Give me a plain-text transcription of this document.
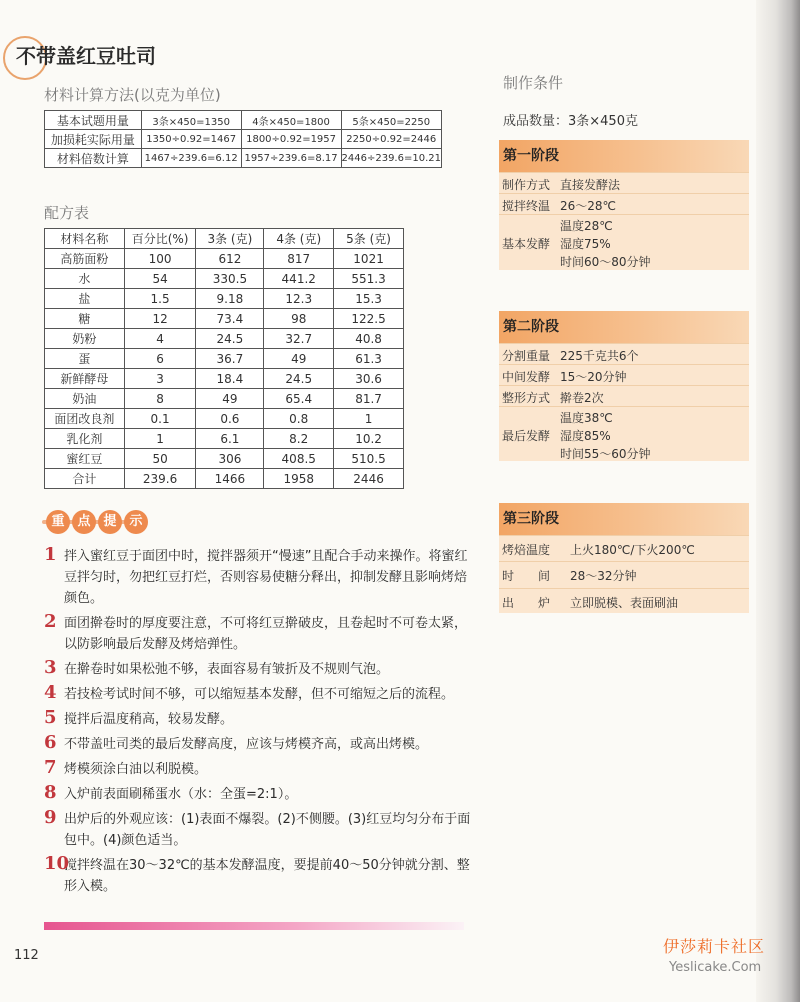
不带盖红豆吐司
材料计算方法(以克为单位)
基本试题用量	3条×450=1350	4条×450=1800	5条×450=2250
加损耗实际用量	1350÷0.92=1467	1800÷0.92=1957	2250÷0.92=2446
材料倍数计算	1467÷239.6=6.12	1957÷239.6=8.17	2446÷239.6=10.21
配方表
材料名称	百分比(%)	3条 (克)	4条 (克)	5条 (克)
高筋面粉	100	612	817	1021
水	54	330.5	441.2	551.3
盐	1.5	9.18	12.3	15.3
糖	12	73.4	98	122.5
奶粉	4	24.5	32.7	40.8
蛋	6	36.7	49	61.3
新鲜酵母	3	18.4	24.5	30.6
奶油	8	49	65.4	81.7
面团改良剂	0.1	0.6	0.8	1
乳化剂	1	6.1	8.2	10.2
蜜红豆	50	306	408.5	510.5
合计	239.6	1466	1958	2446
重 点 提 示
1 拌入蜜红豆于面团中时，搅拌器须开“慢速”且配合手动来操作。将蜜红豆拌匀时，勿把红豆打烂，否则容易使糖分释出，抑制发酵且影响烤焙颜色。
2 面团擀卷时的厚度要注意，不可将红豆擀破皮，且卷起时不可卷太紧，以防影响最后发酵及烤焙弹性。
3 在擀卷时如果松弛不够，表面容易有皱折及不规则气泡。
4 若技检考试时间不够，可以缩短基本发酵，但不可缩短之后的流程。
5 搅拌后温度稍高，较易发酵。
6 不带盖吐司类的最后发酵高度，应该与烤模齐高，或高出烤模。
7 烤模须涂白油以利脱模。
8 入炉前表面刷稀蛋水（水：全蛋=2:1）。
9 出炉后的外观应该：(1)表面不爆裂。(2)不侧腰。(3)红豆均匀分布于面包中。(4)颜色适当。
10
搅拌终温在30～32℃的基本发酵温度，要提前40～50分钟就分割、整形入模。
112
制作条件
成品数量：3条×450克
第一阶段
制作方式 直接发酵法
搅拌终温 26～28℃
基本发酵
温度28℃
湿度75%
时间60～80分钟
第二阶段
分割重量 225千克共6个
中间发酵 15～20分钟
整形方式 擀卷2次
最后发酵
温度38℃
湿度85%
时间55～60分钟
第三阶段
烤焙温度 上火180℃/下火200℃
时　　间 28～32分钟
出　　炉 立即脱模、表面刷油
伊莎莉卡社区
Yeslicake.Com
